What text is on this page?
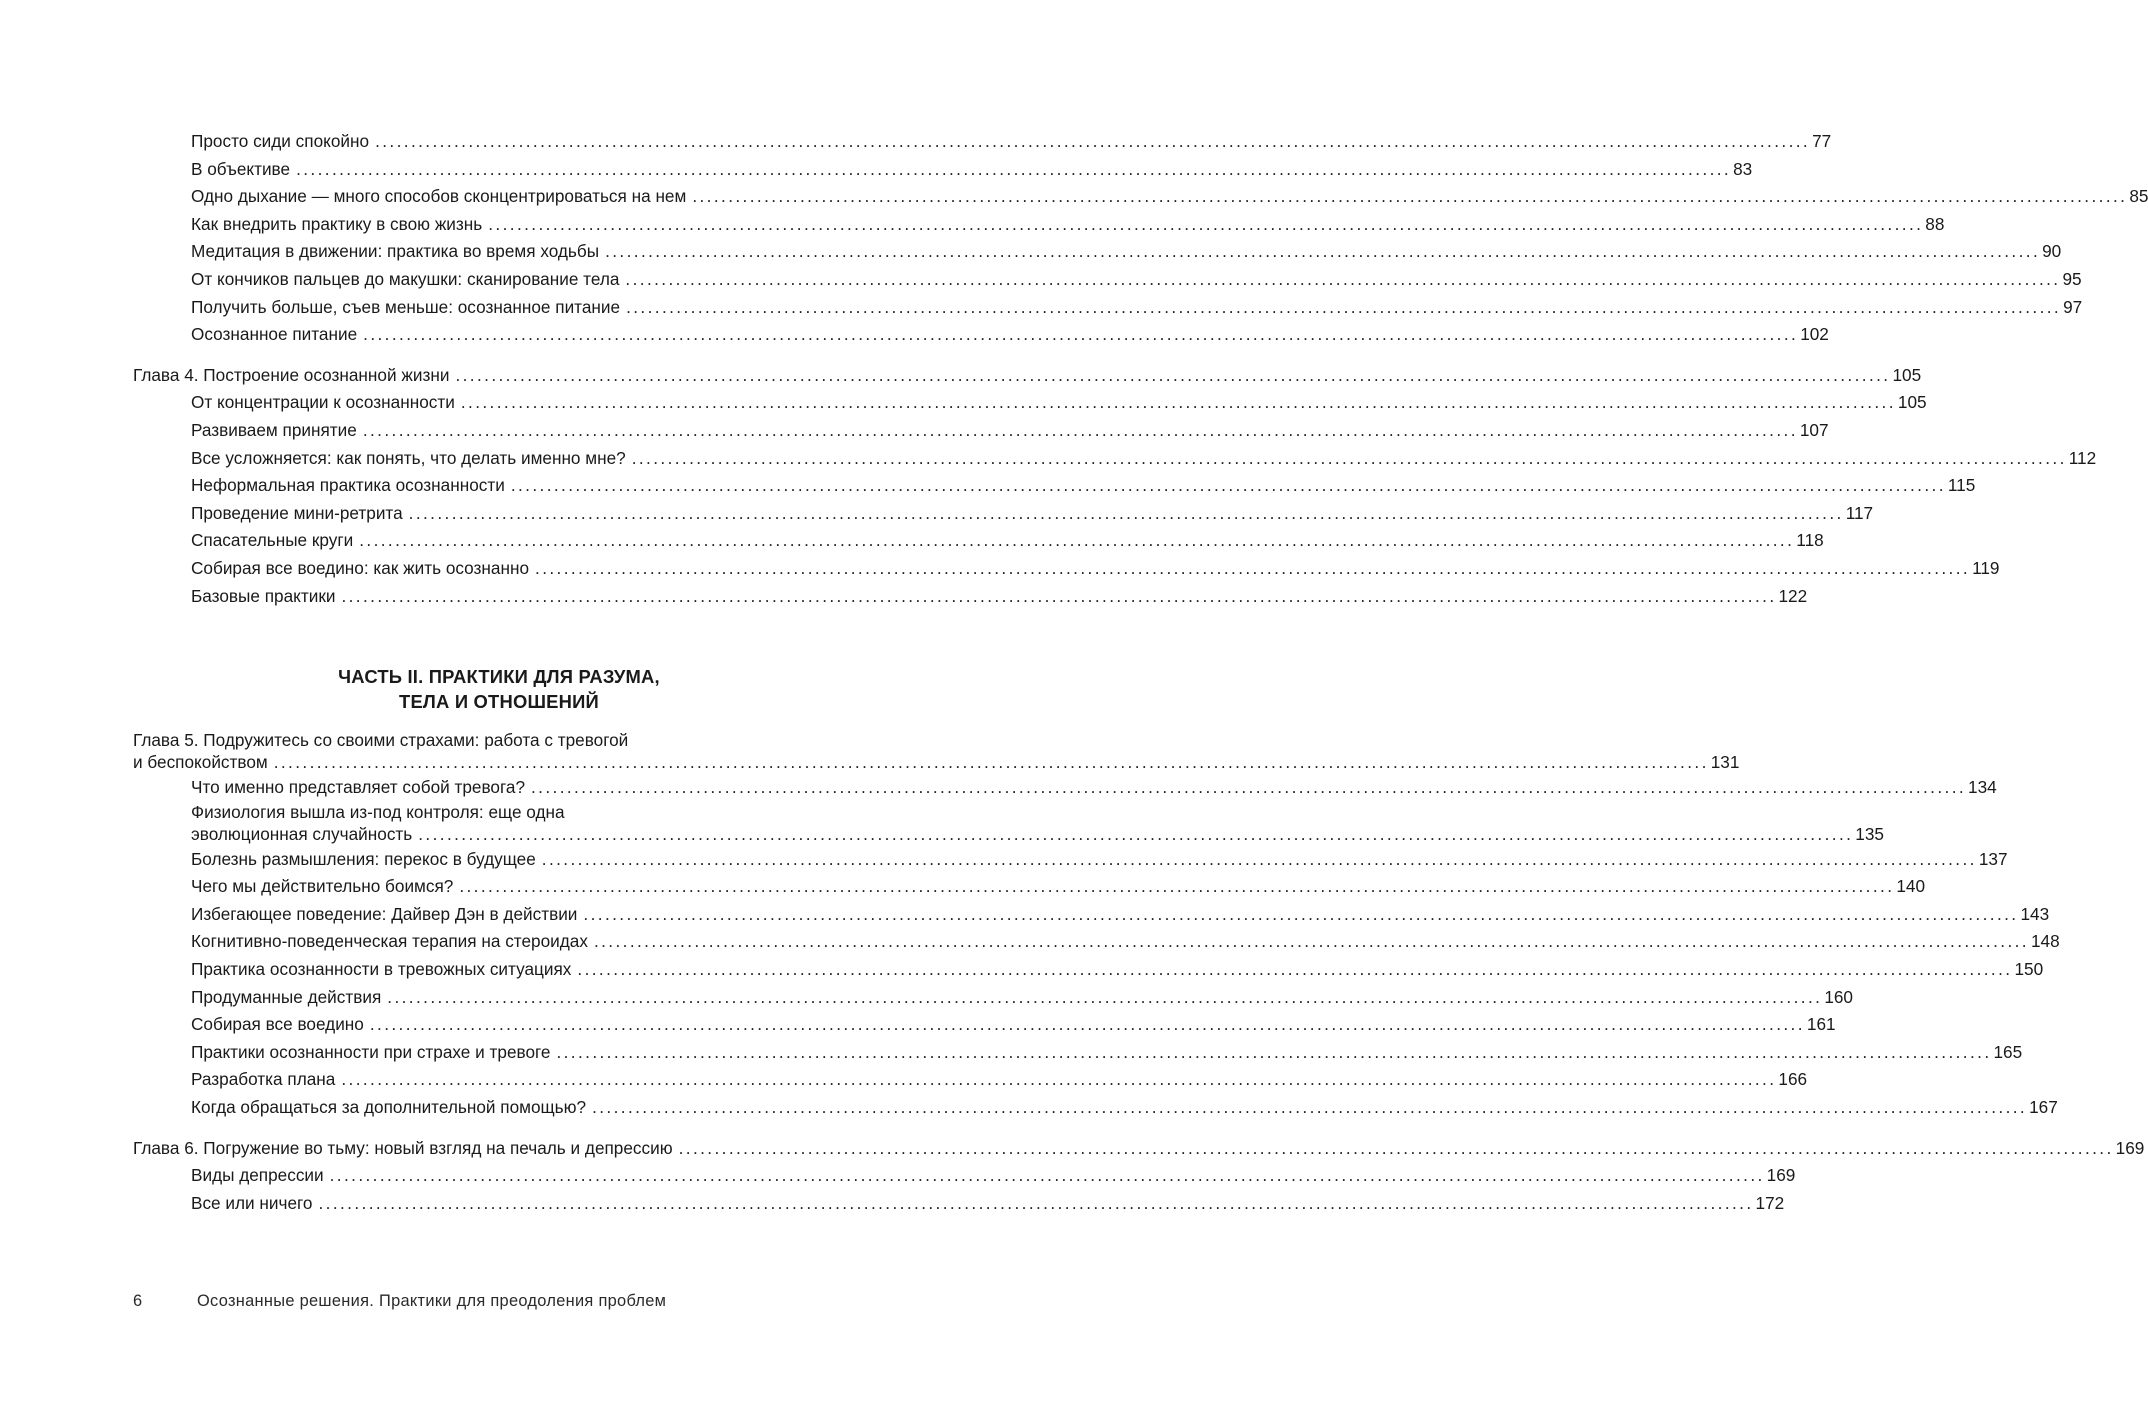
Просто сиди спокойно ........................................................................................................................................................................................................ 77
В объективе ........................................................................................................................................................................................................ 83
Одно дыхание — много способов сконцентрироваться на нем ........................................................................................................................................................................................................ 85
Как внедрить практику в свою жизнь ........................................................................................................................................................................................................ 88
Медитация в движении: практика во время ходьбы ........................................................................................................................................................................................................ 90
От кончиков пальцев до макушки: сканирование тела ........................................................................................................................................................................................................ 95
Получить больше, съев меньше: осознанное питание ........................................................................................................................................................................................................ 97
Осознанное питание ........................................................................................................................................................................................................ 102
Глава 4. Построение осознанной жизни ........................................................................................................................................................................................................ 105
От концентрации к осознанности ........................................................................................................................................................................................................ 105
Развиваем принятие ........................................................................................................................................................................................................ 107
Все усложняется: как понять, что делать именно мне? ........................................................................................................................................................................................................ 112
Неформальная практика осознанности ........................................................................................................................................................................................................ 115
Проведение мини-ретрита ........................................................................................................................................................................................................ 117
Спасательные круги ........................................................................................................................................................................................................ 118
Собирая все воедино: как жить осознанно ........................................................................................................................................................................................................ 119
Базовые практики ........................................................................................................................................................................................................ 122
ЧАСТЬ II. ПРАКТИКИ ДЛЯ РАЗУМА,
ТЕЛА И ОТНОШЕНИЙ
Глава 5. Подружитесь со своими страхами: работа с тревогой
и беспокойством ........................................................................................................................................................................................................ 131
Что именно представляет собой тревога? ........................................................................................................................................................................................................ 134
Физиология вышла из-под контроля: еще одна
эволюционная случайность ........................................................................................................................................................................................................ 135
Болезнь размышления: перекос в будущее ........................................................................................................................................................................................................ 137
Чего мы действительно боимся? ........................................................................................................................................................................................................ 140
Избегающее поведение: Дайвер Дэн в действии ........................................................................................................................................................................................................ 143
Когнитивно-поведенческая терапия на стероидах ........................................................................................................................................................................................................ 148
Практика осознанности в тревожных ситуациях ........................................................................................................................................................................................................ 150
Продуманные действия ........................................................................................................................................................................................................ 160
Собирая все воедино ........................................................................................................................................................................................................ 161
Практики осознанности при страхе и тревоге ........................................................................................................................................................................................................ 165
Разработка плана ........................................................................................................................................................................................................ 166
Когда обращаться за дополнительной помощью? ........................................................................................................................................................................................................ 167
Глава 6. Погружение во тьму: новый взгляд на печаль и депрессию ........................................................................................................................................................................................................ 169
Виды депрессии ........................................................................................................................................................................................................ 169
Все или ничего ........................................................................................................................................................................................................ 172
6	Осознанные решения. Практики для преодоления проблем
